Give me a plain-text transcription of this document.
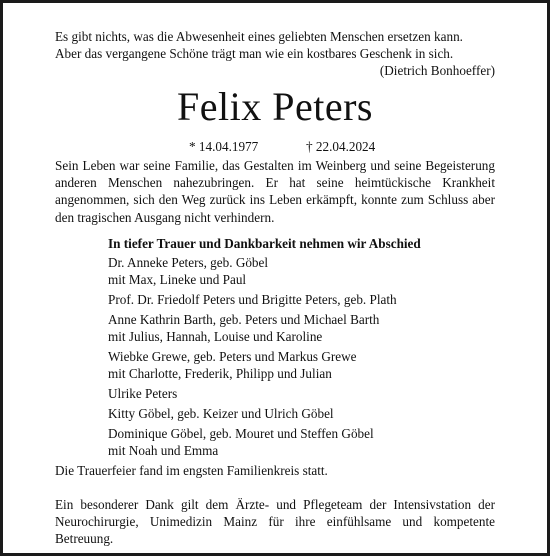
Es gibt nichts, was die Abwesenheit eines geliebten Menschen ersetzen kann.
Aber das vergangene Schöne trägt man wie ein kostbares Geschenk in sich.
(Dietrich Bonhoeffer)
Felix Peters
* 14.04.1977	† 22.04.2024
Sein Leben war seine Familie, das Gestalten im Weinberg und seine Begeisterung anderen Menschen nahezubringen. Er hat seine heimtückische Krankheit angenommen, sich den Weg zurück ins Leben erkämpft, konnte zum Schluss aber den tragischen Ausgang nicht verhindern.
In tiefer Trauer und Dankbarkeit nehmen wir Abschied
Dr. Anneke Peters, geb. Göbel
mit Max, Lineke und Paul
Prof. Dr. Friedolf Peters und Brigitte Peters, geb. Plath
Anne Kathrin Barth, geb. Peters und Michael Barth
mit Julius, Hannah, Louise und Karoline
Wiebke Grewe, geb. Peters und Markus Grewe
mit Charlotte, Frederik, Philipp und Julian
Ulrike Peters
Kitty Göbel, geb. Keizer und Ulrich Göbel
Dominique Göbel, geb. Mouret und Steffen Göbel
mit Noah und Emma
Die Trauerfeier fand im engsten Familienkreis statt.
Ein besonderer Dank gilt dem Ärzte- und Pflegeteam der Intensivstation der Neurochirurgie, Unimedizin Mainz für ihre einfühlsame und kompetente Betreuung.
